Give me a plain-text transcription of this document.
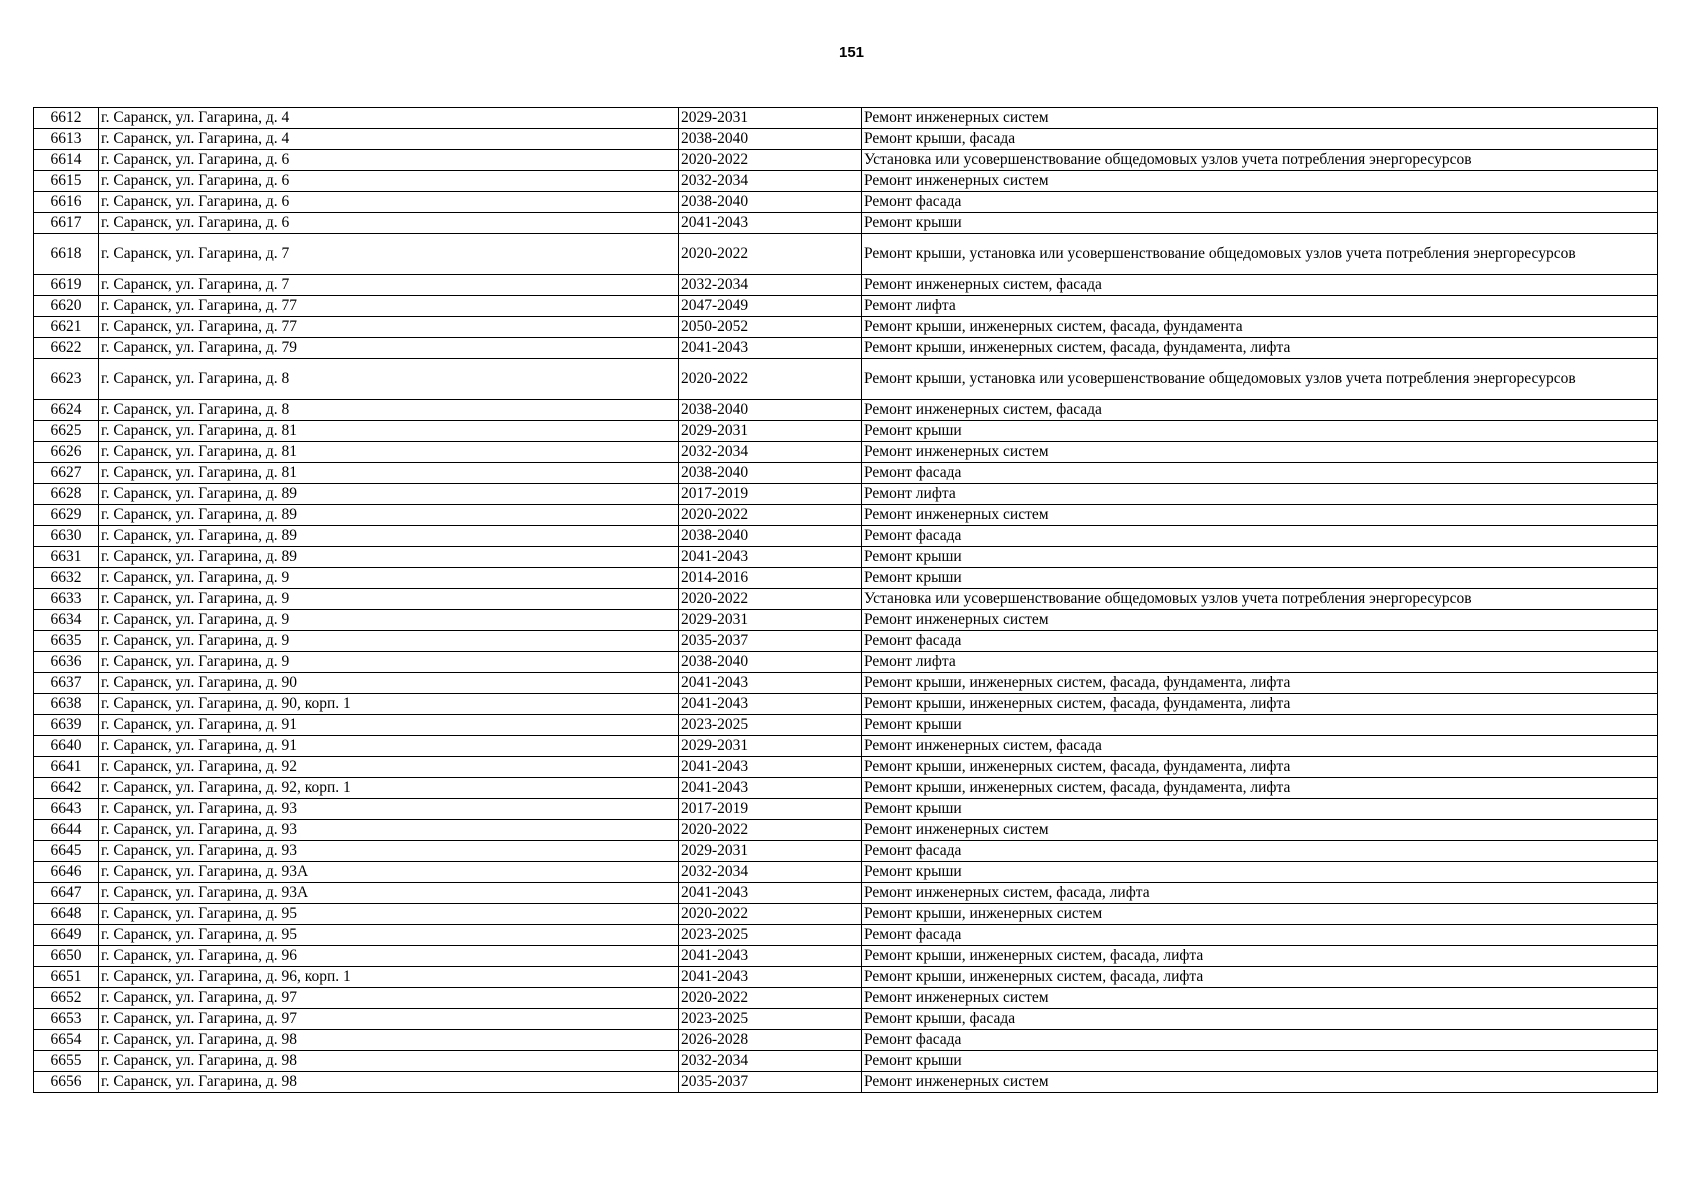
151
6612	г. Саранск, ул. Гагарина, д. 4	2029-2031	Ремонт инженерных систем
6613	г. Саранск, ул. Гагарина, д. 4	2038-2040	Ремонт крыши, фасада
6614	г. Саранск, ул. Гагарина, д. 6	2020-2022	Установка или усовершенствование общедомовых узлов учета потребления энергоресурсов
6615	г. Саранск, ул. Гагарина, д. 6	2032-2034	Ремонт инженерных систем
6616	г. Саранск, ул. Гагарина, д. 6	2038-2040	Ремонт фасада
6617	г. Саранск, ул. Гагарина, д. 6	2041-2043	Ремонт крыши
6618	г. Саранск, ул. Гагарина, д. 7	2020-2022	Ремонт крыши, установка или усовершенствование общедомовых узлов учета потребления энергоресурсов
6619	г. Саранск, ул. Гагарина, д. 7	2032-2034	Ремонт инженерных систем, фасада
6620	г. Саранск, ул. Гагарина, д. 77	2047-2049	Ремонт лифта
6621	г. Саранск, ул. Гагарина, д. 77	2050-2052	Ремонт крыши, инженерных систем, фасада, фундамента
6622	г. Саранск, ул. Гагарина, д. 79	2041-2043	Ремонт крыши, инженерных систем, фасада, фундамента, лифта
6623	г. Саранск, ул. Гагарина, д. 8	2020-2022	Ремонт крыши, установка или усовершенствование общедомовых узлов учета потребления энергоресурсов
6624	г. Саранск, ул. Гагарина, д. 8	2038-2040	Ремонт инженерных систем, фасада
6625	г. Саранск, ул. Гагарина, д. 81	2029-2031	Ремонт крыши
6626	г. Саранск, ул. Гагарина, д. 81	2032-2034	Ремонт инженерных систем
6627	г. Саранск, ул. Гагарина, д. 81	2038-2040	Ремонт фасада
6628	г. Саранск, ул. Гагарина, д. 89	2017-2019	Ремонт лифта
6629	г. Саранск, ул. Гагарина, д. 89	2020-2022	Ремонт инженерных систем
6630	г. Саранск, ул. Гагарина, д. 89	2038-2040	Ремонт фасада
6631	г. Саранск, ул. Гагарина, д. 89	2041-2043	Ремонт крыши
6632	г. Саранск, ул. Гагарина, д. 9	2014-2016	Ремонт крыши
6633	г. Саранск, ул. Гагарина, д. 9	2020-2022	Установка или усовершенствование общедомовых узлов учета потребления энергоресурсов
6634	г. Саранск, ул. Гагарина, д. 9	2029-2031	Ремонт инженерных систем
6635	г. Саранск, ул. Гагарина, д. 9	2035-2037	Ремонт фасада
6636	г. Саранск, ул. Гагарина, д. 9	2038-2040	Ремонт лифта
6637	г. Саранск, ул. Гагарина, д. 90	2041-2043	Ремонт крыши, инженерных систем, фасада, фундамента, лифта
6638	г. Саранск, ул. Гагарина, д. 90, корп. 1	2041-2043	Ремонт крыши, инженерных систем, фасада, фундамента, лифта
6639	г. Саранск, ул. Гагарина, д. 91	2023-2025	Ремонт крыши
6640	г. Саранск, ул. Гагарина, д. 91	2029-2031	Ремонт инженерных систем, фасада
6641	г. Саранск, ул. Гагарина, д. 92	2041-2043	Ремонт крыши, инженерных систем, фасада, фундамента, лифта
6642	г. Саранск, ул. Гагарина, д. 92, корп. 1	2041-2043	Ремонт крыши, инженерных систем, фасада, фундамента, лифта
6643	г. Саранск, ул. Гагарина, д. 93	2017-2019	Ремонт крыши
6644	г. Саранск, ул. Гагарина, д. 93	2020-2022	Ремонт инженерных систем
6645	г. Саранск, ул. Гагарина, д. 93	2029-2031	Ремонт фасада
6646	г. Саранск, ул. Гагарина, д. 93А	2032-2034	Ремонт крыши
6647	г. Саранск, ул. Гагарина, д. 93А	2041-2043	Ремонт инженерных систем, фасада, лифта
6648	г. Саранск, ул. Гагарина, д. 95	2020-2022	Ремонт крыши, инженерных систем
6649	г. Саранск, ул. Гагарина, д. 95	2023-2025	Ремонт фасада
6650	г. Саранск, ул. Гагарина, д. 96	2041-2043	Ремонт крыши, инженерных систем, фасада, лифта
6651	г. Саранск, ул. Гагарина, д. 96, корп. 1	2041-2043	Ремонт крыши, инженерных систем, фасада, лифта
6652	г. Саранск, ул. Гагарина, д. 97	2020-2022	Ремонт инженерных систем
6653	г. Саранск, ул. Гагарина, д. 97	2023-2025	Ремонт крыши, фасада
6654	г. Саранск, ул. Гагарина, д. 98	2026-2028	Ремонт фасада
6655	г. Саранск, ул. Гагарина, д. 98	2032-2034	Ремонт крыши
6656	г. Саранск, ул. Гагарина, д. 98	2035-2037	Ремонт инженерных систем
